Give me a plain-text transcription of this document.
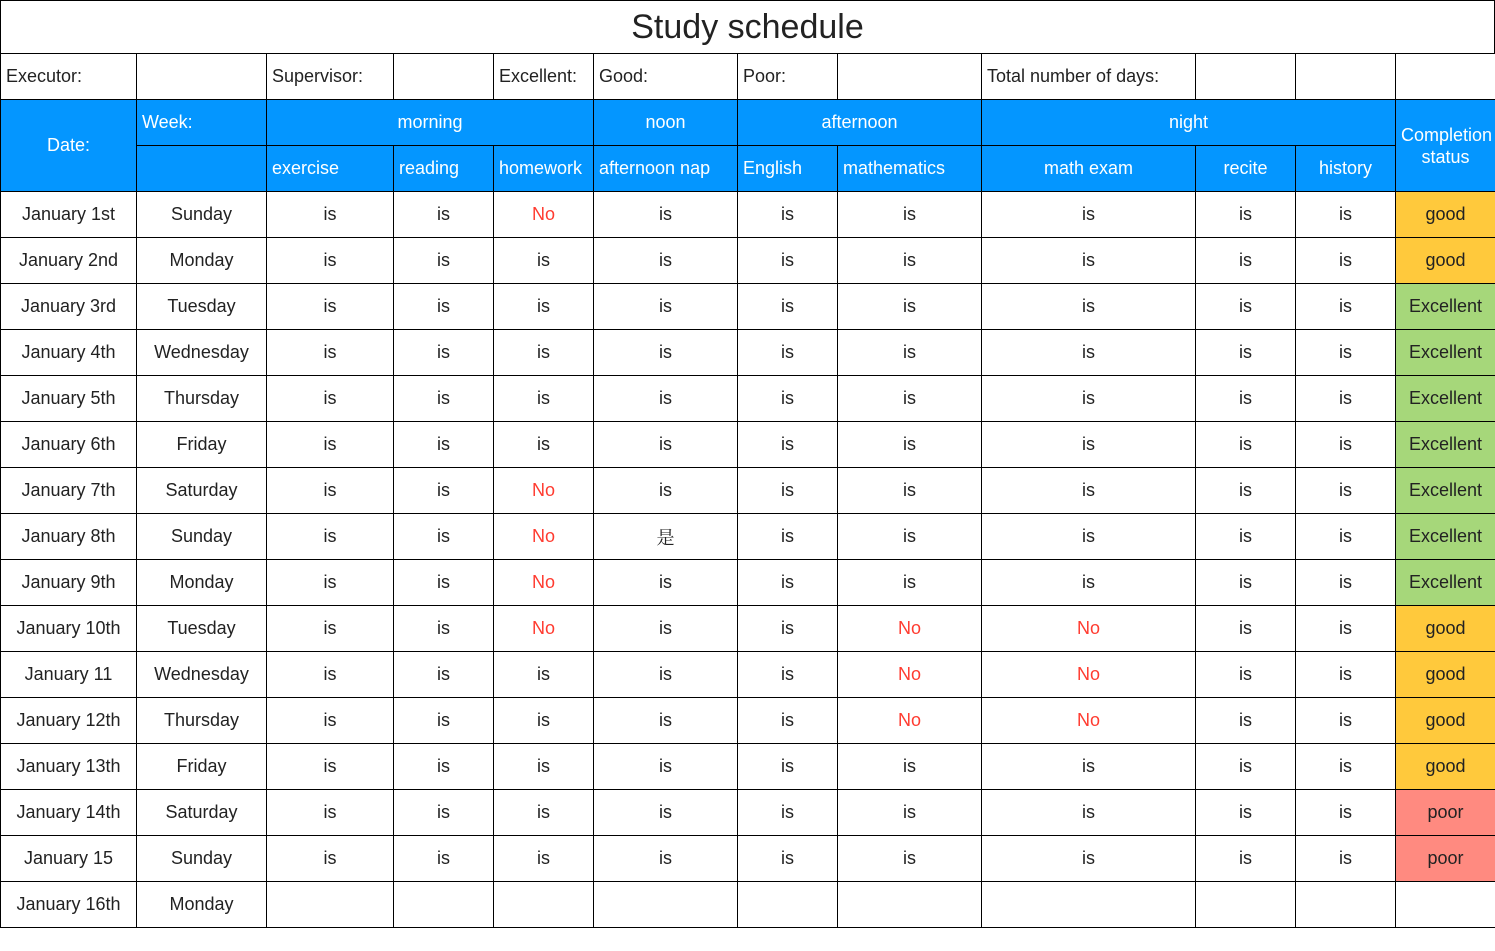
Study schedule
Executor:		Supervisor:		Excellent:	Good:	Poor:		Total number of days:			
Date:	Week:	morning			noon	afternoon		night			Completion status
		exercise	reading	homework	afternoon nap	English	mathematics	math exam	recite	history	
January 1st	Sunday	is	is	No	is	is	is	is	is	is	good
January 2nd	Monday	is	is	is	is	is	is	is	is	is	good
January 3rd	Tuesday	is	is	is	is	is	is	is	is	is	Excellent
January 4th	Wednesday	is	is	is	is	is	is	is	is	is	Excellent
January 5th	Thursday	is	is	is	is	is	is	is	is	is	Excellent
January 6th	Friday	is	is	is	is	is	is	is	is	is	Excellent
January 7th	Saturday	is	is	No	is	is	is	is	is	is	Excellent
January 8th	Sunday	is	is	No	是	is	is	is	is	is	Excellent
January 9th	Monday	is	is	No	is	is	is	is	is	is	Excellent
January 10th	Tuesday	is	is	No	is	is	No	No	is	is	good
January 11	Wednesday	is	is	is	is	is	No	No	is	is	good
January 12th	Thursday	is	is	is	is	is	No	No	is	is	good
January 13th	Friday	is	is	is	is	is	is	is	is	is	good
January 14th	Saturday	is	is	is	is	is	is	is	is	is	poor
January 15	Sunday	is	is	is	is	is	is	is	is	is	poor
January 16th	Monday										
